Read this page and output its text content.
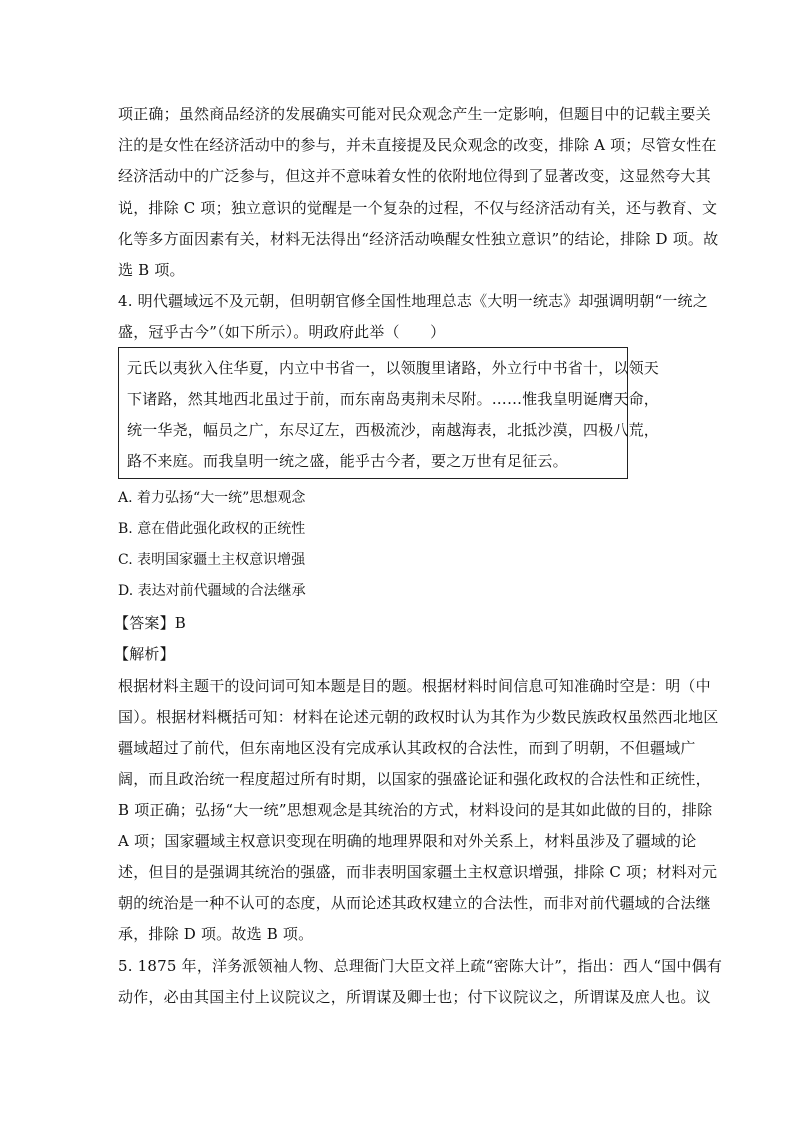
项正确；虽然商品经济的发展确实可能对民众观念产生一定影响，但题目中的记载主要关
注的是女性在经济活动中的参与，并未直接提及民众观念的改变，排除 A 项；尽管女性在
经济活动中的广泛参与，但这并不意味着女性的依附地位得到了显著改变，这显然夸大其
说，排除 C 项；独立意识的觉醒是一个复杂的过程，不仅与经济活动有关，还与教育、文
化等多方面因素有关，材料无法得出“经济活动唤醒女性独立意识”的结论，排除 D 项。故
选 B 项。
4. 明代疆域远不及元朝，但明朝官修全国性地理总志《大明一统志》却强调明朝“一统之
盛，冠乎古今”（如下所示）。明政府此举（　　）
元氏以夷狄入住华夏，内立中书省一，以领腹里诸路，外立行中书省十，以领天
下诸路，然其地西北虽过于前，而东南岛夷荆未尽附。……惟我皇明诞膺天命，
统一华尧，幅员之广，东尽辽左，西极流沙，南越海表，北抵沙漠，四极八荒，
路不来庭。而我皇明一统之盛，能乎古今者，要之万世有足征云。
A. 着力弘扬“大一统”思想观念
B. 意在借此强化政权的正统性
C. 表明国家疆土主权意识增强
D. 表达对前代疆域的合法继承
【答案】B
【解析】
根据材料主题干的设问词可知本题是目的题。根据材料时间信息可知准确时空是：明（中
国）。根据材料概括可知：材料在论述元朝的政权时认为其作为少数民族政权虽然西北地区
疆域超过了前代，但东南地区没有完成承认其政权的合法性，而到了明朝，不但疆域广
阔，而且政治统一程度超过所有时期，以国家的强盛论证和强化政权的合法性和正统性，
B 项正确；弘扬“大一统”思想观念是其统治的方式，材料设问的是其如此做的目的，排除
A 项；国家疆域主权意识变现在明确的地理界限和对外关系上，材料虽涉及了疆域的论
述，但目的是强调其统治的强盛，而非表明国家疆土主权意识增强，排除 C 项；材料对元
朝的统治是一种不认可的态度，从而论述其政权建立的合法性，而非对前代疆域的合法继
承，排除 D 项。故选 B 项。
5. 1875 年，洋务派领袖人物、总理衙门大臣文祥上疏“密陈大计”，指出：西人“国中偶有
动作，必由其国主付上议院议之，所谓谋及卿士也；付下议院议之，所谓谋及庶人也。议
